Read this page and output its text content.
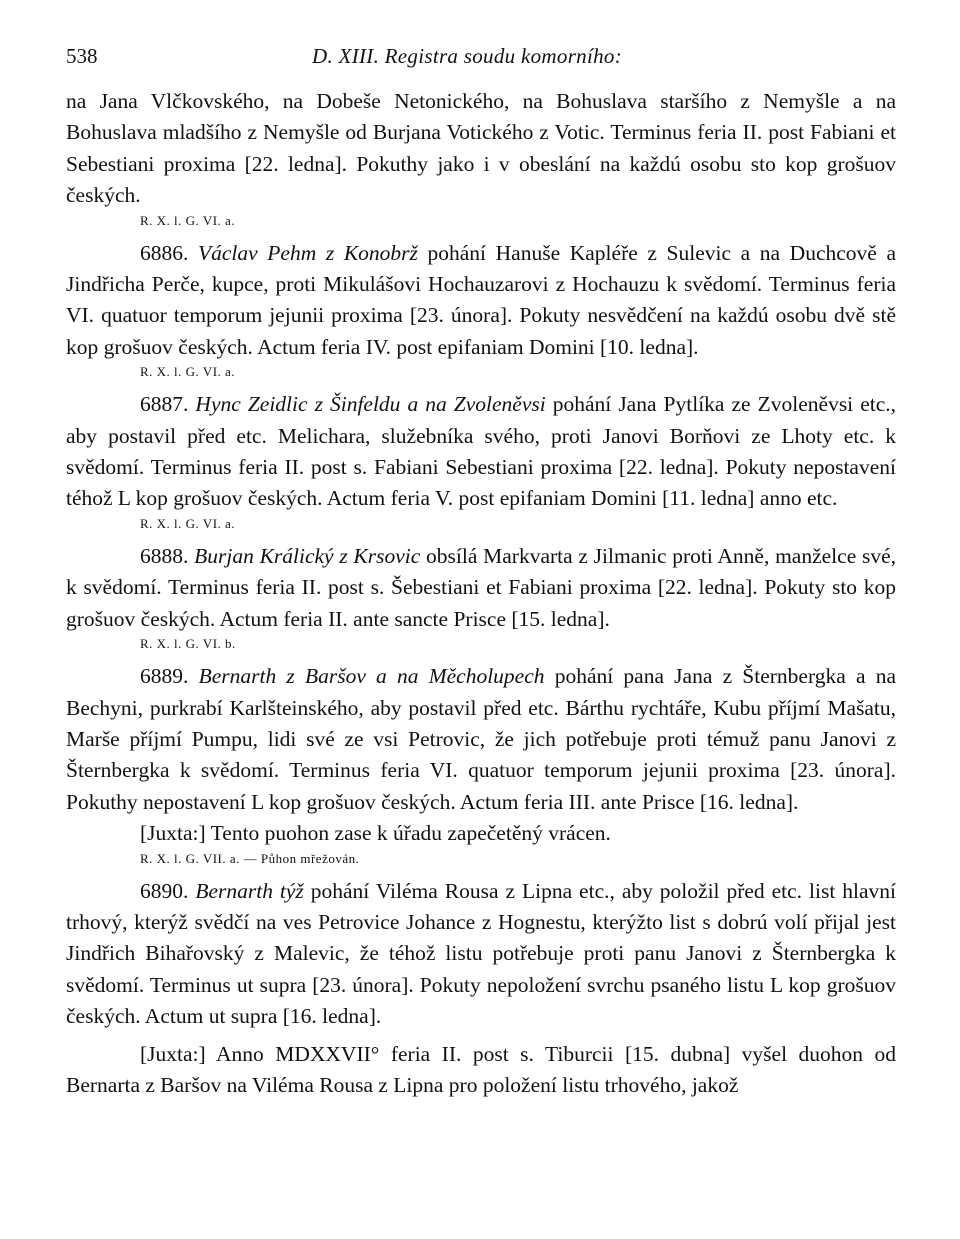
538	D. XIII. Registra soudu komorního:

na Jana Vlčkovského, na Dobeše Netonického, na Bohuslava staršího z Nemyšle a na Bohuslava mladšího z Nemyšle od Burjana Votického z Votic. Terminus feria II. post Fabiani et Sebestiani proxima [22. ledna]. Pokuthy jako i v obeslání na každú osobu sto kop grošuov českých.

R. X. l. G. VI. a.

6886. Václav Pehm z Konobrž pohání Hanuše Kapléře z Sulevic a na Duchcově a Jindřicha Perče, kupce, proti Mikulášovi Hochauzarovi z Hochauzu k svědomí. Terminus feria VI. quatuor temporum jejunii proxima [23. února]. Pokuty nesvědčení na každú osobu dvě stě kop grošuov českých. Actum feria IV. post epifaniam Domini [10. ledna].

R. X. l. G. VI. a.

6887. Hync Zeidlic z Šinfeldu a na Zvoleněvsi pohání Jana Pytlíka ze Zvoleněvsi etc., aby postavil před etc. Melichara, služebníka svého, proti Janovi Borňovi ze Lhoty etc. k svědomí. Terminus feria II. post s. Fabiani Sebestiani proxima [22. ledna]. Pokuty nepostavení téhož L kop grošuov českých. Actum feria V. post epifaniam Domini [11. ledna] anno etc.

R. X. l. G. VI. a.

6888. Burjan Králický z Krsovic obsílá Markvarta z Jilmanic proti Anně, manželce své, k svědomí. Terminus feria II. post s. Šebestiani et Fabiani proxima [22. ledna]. Pokuty sto kop grošuov českých. Actum feria II. ante sancte Prisce [15. ledna].

R. X. l. G. VI. b.

6889. Bernarth z Baršov a na Měcholupech pohání pana Jana z Šternbergka a na Bechyni, purkrabí Karlšteinského, aby postavil před etc. Bárthu rychtáře, Kubu příjmí Mašatu, Marše příjmí Pumpu, lidi své ze vsi Petrovic, že jich potřebuje proti témuž panu Janovi z Šternbergka k svědomí. Terminus feria VI. quatuor temporum jejunii proxima [23. února]. Pokuthy nepostavení L kop grošuov českých. Actum feria III. ante Prisce [16. ledna].

[Juxta:] Tento puohon zase k úřadu zapečetěný vrácen.

R. X. l. G. VII. a. — Půhon mřežován.

6890. Bernarth týž pohání Viléma Rousa z Lipna etc., aby položil před etc. list hlavní trhový, kterýž svědčí na ves Petrovice Johance z Hognestu, kterýžto list s dobrú volí přijal jest Jindřich Bihařovský z Malevic, že téhož listu potřebuje proti panu Janovi z Šternbergka k svědomí. Terminus ut supra [23. února]. Pokuty nepoložení svrchu psaného listu L kop grošuov českých. Actum ut supra [16. ledna].

[Juxta:] Anno MDXXVII° feria II. post s. Tiburcii [15. dubna] vyšel duohon od Bernarta z Baršov na Viléma Rousa z Lipna pro položení listu trhového, jakož
